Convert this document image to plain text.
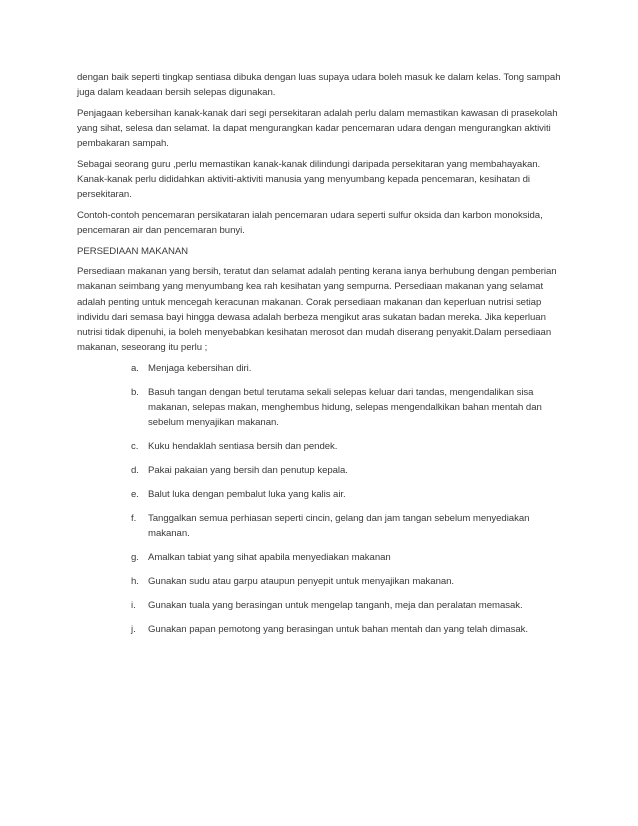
dengan baik seperti tingkap sentiasa dibuka dengan luas supaya udara boleh masuk ke dalam kelas. Tong sampah juga dalam keadaan bersih selepas digunakan.

Penjagaan kebersihan kanak-kanak dari segi persekitaran adalah perlu dalam memastikan kawasan di prasekolah yang sihat, selesa dan selamat. Ia dapat mengurangkan kadar pencemaran udara dengan mengurangkan aktiviti pembakaran sampah.

Sebagai seorang guru ,perlu memastikan kanak-kanak dilindungi daripada persekitaran yang membahayakan. Kanak-kanak perlu dididahkan aktiviti-aktiviti manusia yang menyumbang kepada pencemaran, kesihatan di persekitaran.

Contoh-contoh pencemaran persikataran ialah pencemaran udara seperti sulfur oksida dan karbon monoksida, pencemaran air dan pencemaran bunyi.

PERSEDIAAN MAKANAN

Persediaan makanan yang bersih, teratut dan selamat adalah penting kerana ianya berhubung dengan pemberian makanan seimbang yang menyumbang kea rah kesihatan yang sempurna. Persediaan makanan yang selamat adalah penting untuk mencegah keracunan makanan. Corak persediaan makanan dan keperluan nutrisi setiap individu dari semasa bayi hingga dewasa adalah berbeza mengikut aras sukatan badan mereka. Jika keperluan nutrisi tidak dipenuhi, ia boleh menyebabkan kesihatan merosot dan mudah diserang penyakit.Dalam persediaan makanan, seseorang itu perlu ;

a. Menjaga kebersihan diri.
b. Basuh tangan dengan betul terutama sekali selepas keluar dari tandas, mengendalikan sisa makanan, selepas makan, menghembus hidung, selepas mengendalkikan bahan mentah dan sebelum menyajikan makanan.
c. Kuku hendaklah sentiasa bersih dan pendek.
d. Pakai pakaian yang bersih dan penutup kepala.
e. Balut luka dengan pembalut luka yang kalis air.
f. Tanggalkan semua perhiasan seperti cincin, gelang dan jam tangan sebelum menyediakan makanan.
g. Amalkan tabiat yang sihat apabila menyediakan makanan
h. Gunakan sudu atau garpu ataupun penyepit untuk menyajikan makanan.
i. Gunakan tuala yang berasingan untuk mengelap tanganh, meja dan peralatan memasak.
j. Gunakan papan pemotong yang berasingan untuk bahan mentah dan yang telah dimasak.
